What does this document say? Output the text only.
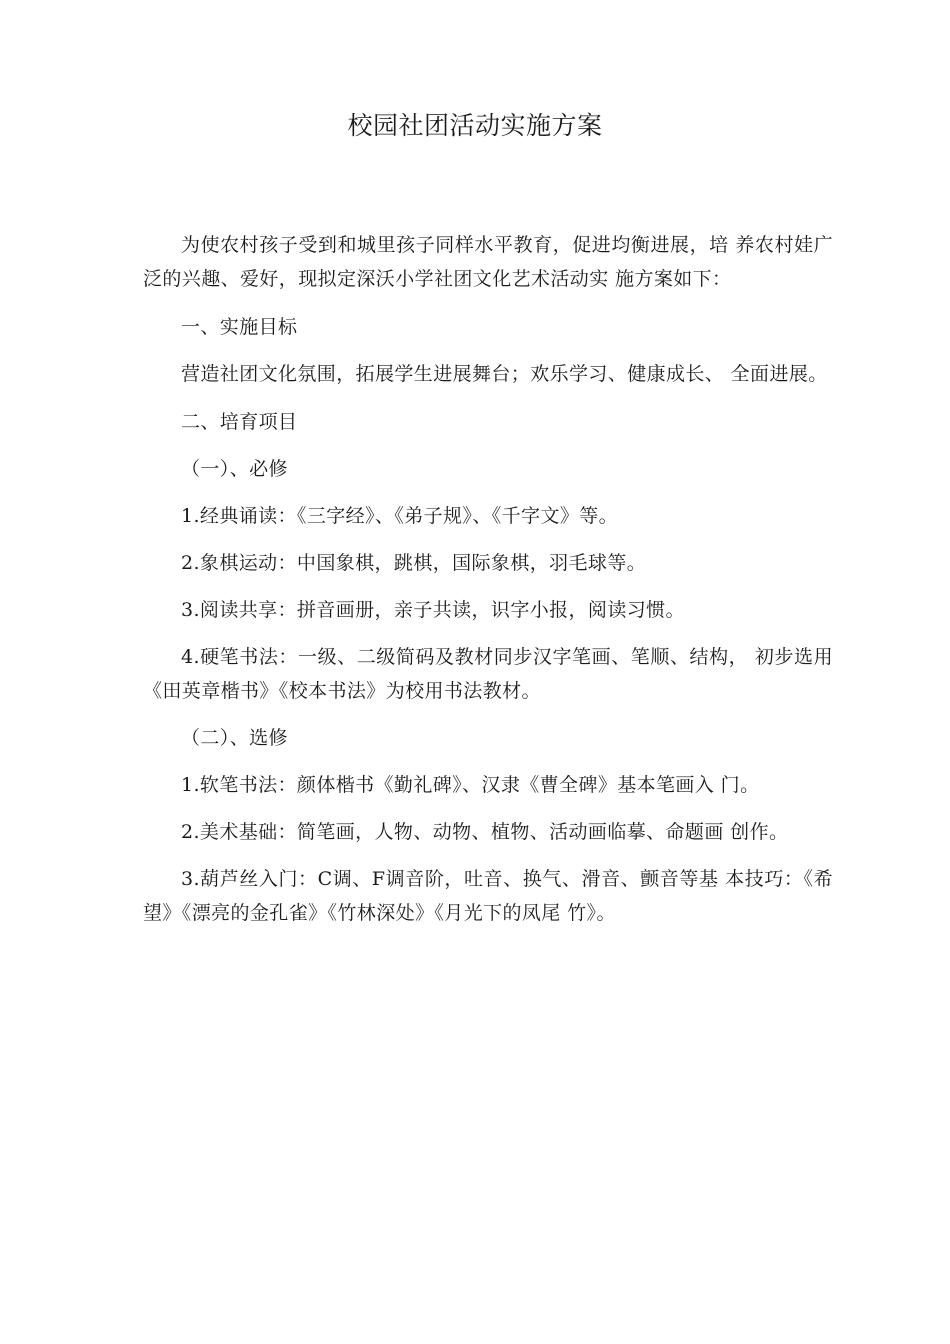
校园社团活动实施方案

为使农村孩子受到和城里孩子同样水平教育，促进均衡进展，培 养农村娃广泛的兴趣、爱好，现拟定深沃小学社团文化艺术活动实 施方案如下：

一、实施目标

营造社团文化氛围，拓展学生进展舞台；欢乐学习、健康成长、 全面进展。

二、培育项目

（一）、必修

1.经典诵读：《三字经》、《弟子规》、《千字文》等。

2.象棋运动：中国象棋，跳棋，国际象棋，羽毛球等。

3.阅读共享：拼音画册，亲子共读，识字小报，阅读习惯。

4.硬笔书法：一级、二级简码及教材同步汉字笔画、笔顺、结构， 初步选用《田英章楷书》《校本书法》为校用书法教材。

（二）、选修

1.软笔书法：颜体楷书《勤礼碑》、汉隶《曹全碑》基本笔画入 门。

2.美术基础：简笔画，人物、动物、植物、活动画临摹、命题画 创作。

3.葫芦丝入门：C调、F调音阶，吐音、换气、滑音、颤音等基 本技巧：《希望》《漂亮的金孔雀》《竹林深处》《月光下的凤尾 竹》。
